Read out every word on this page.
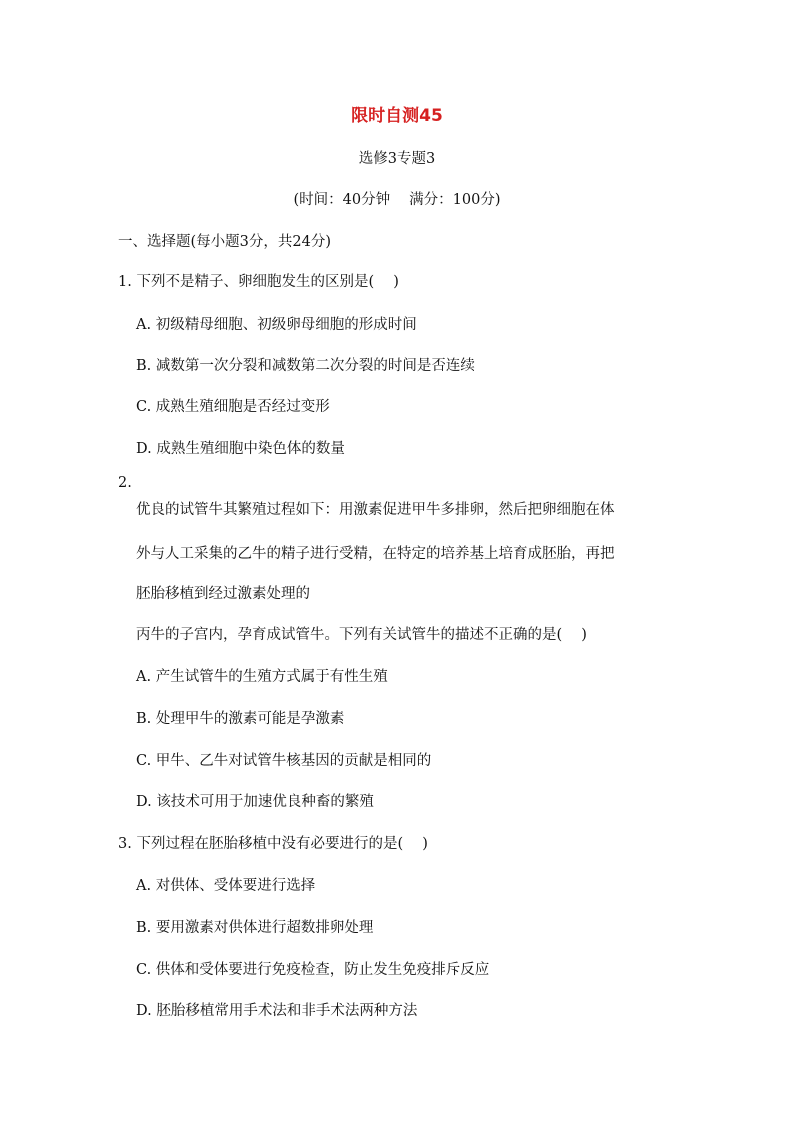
限时自测45
选修3专题3
(时间：40分钟　 满分：100分)
一、选择题(每小题3分，共24分)
1. 下列不是精子、卵细胞发生的区别是(　 )
A. 初级精母细胞、初级卵母细胞的形成时间
B. 减数第一次分裂和减数第二次分裂的时间是否连续
C. 成熟生殖细胞是否经过变形
D. 成熟生殖细胞中染色体的数量
2.
优良的试管牛其繁殖过程如下：用激素促进甲牛多排卵，然后把卵细胞在体
外与人工采集的乙牛的精子进行受精，在特定的培养基上培育成胚胎，再把
胚胎移植到经过激素处理的
丙牛的子宫内，孕育成试管牛。下列有关试管牛的描述不正确的是(　 )
A. 产生试管牛的生殖方式属于有性生殖
B. 处理甲牛的激素可能是孕激素
C. 甲牛、乙牛对试管牛核基因的贡献是相同的
D. 该技术可用于加速优良种畜的繁殖
3. 下列过程在胚胎移植中没有必要进行的是(　 )
A. 对供体、受体要进行选择
B. 要用激素对供体进行超数排卵处理
C. 供体和受体要进行免疫检查，防止发生免疫排斥反应
D. 胚胎移植常用手术法和非手术法两种方法
